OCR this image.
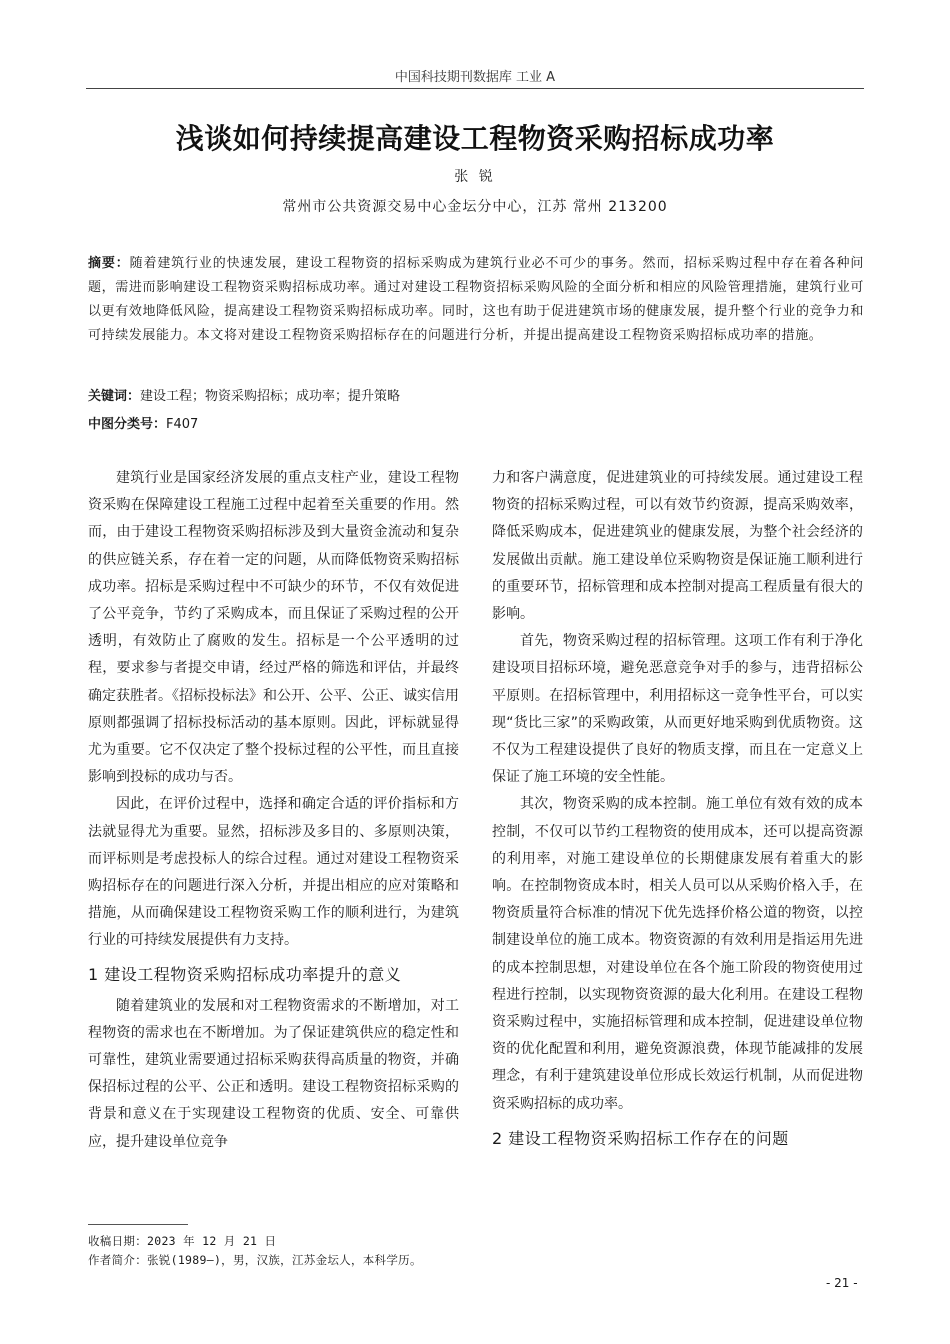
中国科技期刊数据库 工业 A
浅谈如何持续提高建设工程物资采购招标成功率
张 锐
常州市公共资源交易中心金坛分中心，江苏 常州 213200
摘要：随着建筑行业的快速发展，建设工程物资的招标采购成为建筑行业必不可少的事务。然而，招标采购过程中存在着各种问题，需进而影响建设工程物资采购招标成功率。通过对建设工程物资招标采购风险的全面分析和相应的风险管理措施，建筑行业可以更有效地降低风险，提高建设工程物资采购招标成功率。同时，这也有助于促进建筑市场的健康发展，提升整个行业的竞争力和可持续发展能力。本文将对建设工程物资采购招标存在的问题进行分析，并提出提高建设工程物资采购招标成功率的措施。
关键词：建设工程；物资采购招标；成功率；提升策略
中图分类号：F407

建筑行业是国家经济发展的重点支柱产业，建设工程物资采购在保障建设工程施工过程中起着至关重要的作用。然而，由于建设工程物资采购招标涉及到大量资金流动和复杂的供应链关系，存在着一定的问题，从而降低物资采购招标成功率。招标是采购过程中不可缺少的环节，不仅有效促进了公平竞争，节约了采购成本，而且保证了采购过程的公开透明，有效防止了腐败的发生。招标是一个公平透明的过程，要求参与者提交申请，经过严格的筛选和评估，并最终确定获胜者。《招标投标法》和公开、公平、公正、诚实信用原则都强调了招标投标活动的基本原则。因此，评标就显得尤为重要。它不仅决定了整个投标过程的公平性，而且直接影响到投标的成功与否。

因此，在评价过程中，选择和确定合适的评价指标和方法就显得尤为重要。显然，招标涉及多目的、多原则决策，而评标则是考虑投标人的综合过程。通过对建设工程物资采购招标存在的问题进行深入分析，并提出相应的应对策略和措施，从而确保建设工程物资采购工作的顺利进行，为建筑行业的可持续发展提供有力支持。

1 建设工程物资采购招标成功率提升的意义

随着建筑业的发展和对工程物资需求的不断增加，对工程物资的需求也在不断增加。为了保证建筑供应的稳定性和可靠性，建筑业需要通过招标采购获得高质量的物资，并确保招标过程的公平、公正和透明。建设工程物资招标采购的背景和意义在于实现建设工程物资的优质、安全、可靠供应，提升建设单位竞争

力和客户满意度，促进建筑业的可持续发展。通过建设工程物资的招标采购过程，可以有效节约资源，提高采购效率，降低采购成本，促进建筑业的健康发展，为整个社会经济的发展做出贡献。施工建设单位采购物资是保证施工顺利进行的重要环节，招标管理和成本控制对提高工程质量有很大的影响。

首先，物资采购过程的招标管理。这项工作有利于净化建设项目招标环境，避免恶意竞争对手的参与，违背招标公平原则。在招标管理中，利用招标这一竞争性平台，可以实现“货比三家”的采购政策，从而更好地采购到优质物资。这不仅为工程建设提供了良好的物质支撑，而且在一定意义上保证了施工环境的安全性能。

其次，物资采购的成本控制。施工单位有效有效的成本控制，不仅可以节约工程物资的使用成本，还可以提高资源的利用率，对施工建设单位的长期健康发展有着重大的影响。在控制物资成本时，相关人员可以从采购价格入手，在物资质量符合标准的情况下优先选择价格公道的物资，以控制建设单位的施工成本。物资资源的有效利用是指运用先进的成本控制思想，对建设单位在各个施工阶段的物资使用过程进行控制，以实现物资资源的最大化利用。在建设工程物资采购过程中，实施招标管理和成本控制，促进建设单位物资的优化配置和利用，避免资源浪费，体现节能减排的发展理念，有利于建筑建设单位形成长效运行机制，从而促进物资采购招标的成功率。

2 建设工程物资采购招标工作存在的问题
收稿日期：2023 年 12 月 21 日
作者简介：张锐(1989—)，男，汉族，江苏金坛人，本科学历。
- 21 -
